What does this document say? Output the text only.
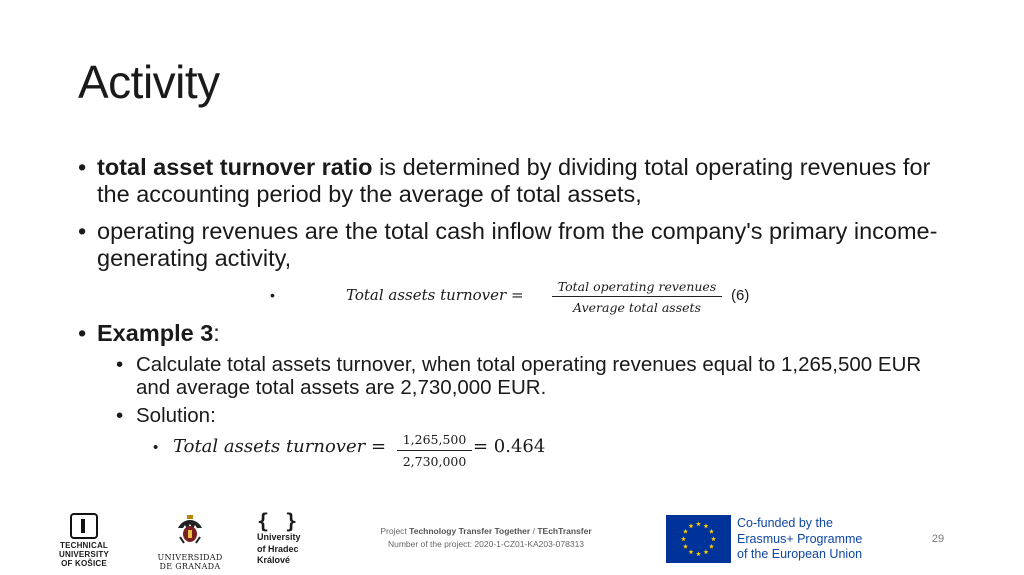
Activity

• total asset turnover ratio is determined by dividing total operating revenues for the accounting period by the average of total assets,

• operating revenues are the total cash inflow from the company's primary income-generating activity,

• Example 3:

• Calculate total assets turnover, when total operating revenues equal to 1,265,500 EUR and average total assets are 2,730,000 EUR.

• Solution:

•	Total assets turnover =	Total operating revenues
Average total assets
(6)
• Total assets turnover =	1,265,500
2,730,000
= 0.464
TECHNICAL UNIVERSITY
OF KOŠICE
UNIVERSIDAD
DE GRANADA
{ }
University
of Hradec
Králové
Project Technology Transfer Together / TEchTransfer
Number of the project: 2020-1-CZ01-KA203-078313
Co-funded by the
Erasmus+ Programme
of the European Union
29
